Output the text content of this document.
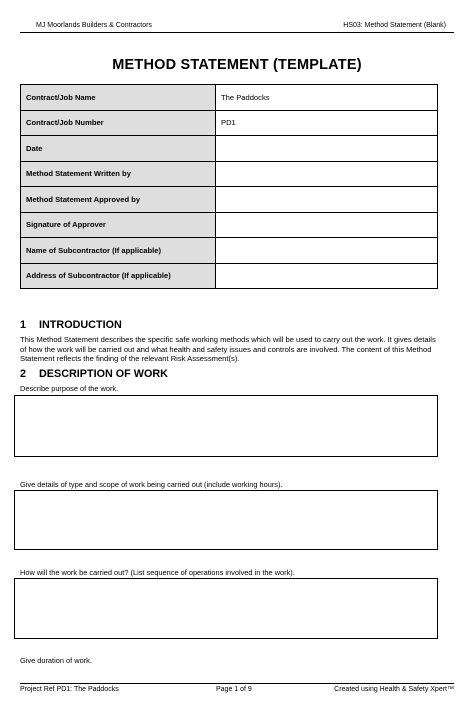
MJ Moorlands Builders & Contractors	HS03: Method Statement (Blank)
METHOD STATEMENT (TEMPLATE)
Contract/Job Name	The Paddocks
Contract/Job Number	PD1
Date	
Method Statement Written by	
Method Statement Approved by	
Signature of Approver	
Name of Subcontractor (If applicable)	
Address of Subcontractor (If applicable)	
1 INTRODUCTION
This Method Statement describes the specific safe working methods which will be used to carry out the work. It gives details of how the work will be carried out and what health and safety issues and controls are involved. The content of this Method Statement reflects the finding of the relevant Risk Assessment(s).
2 DESCRIPTION OF WORK
Describe purpose of the work.
Give details of type and scope of work being carried out (include working hours).
How will the work be carried out? (List sequence of operations involved in the work).
Give duration of work.
Project Ref PD1: The Paddocks	Page 1 of 9	Created using Health & Safety Xpert™
